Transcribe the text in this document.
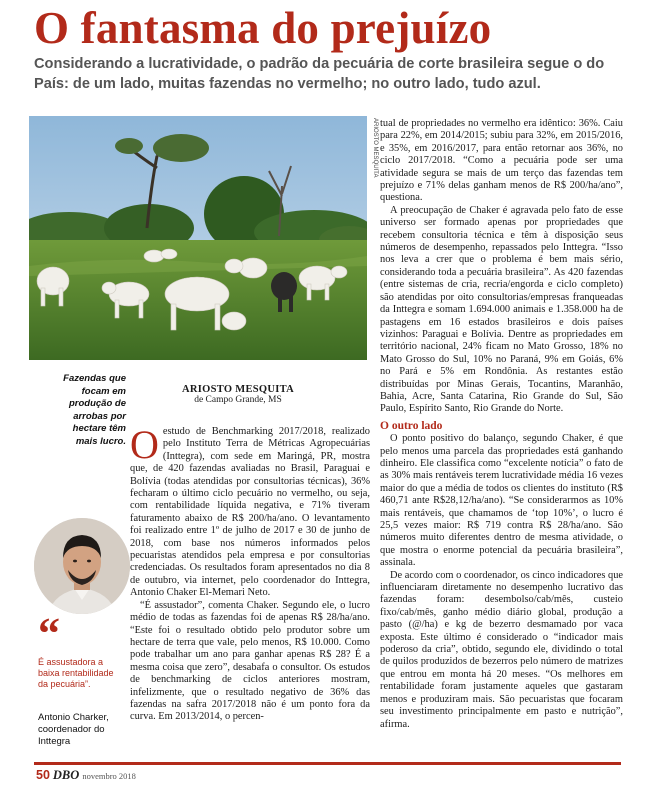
O fantasma do prejuízo
Considerando a lucratividade, o padrão da pecuária de corte brasileira segue o do País: de um lado, muitas fazendas no vermelho; no outro lado, tudo azul.
ARIOSTO MESQUITA
Fazendas que focam em produção de arrobas por hectare têm mais lucro.
ARIOSTO MESQUITA
de Campo Grande, MS
“
É assustadora a baixa rentabilidade da pecuária”.
Antonio Charker, coordenador do Inttegra

Oestudo de Benchmarking 2017/2018, realizado pelo Instituto Terra de Métricas Agropecuárias (Inttegra), com sede em Maringá, PR, mostra que, de 420 fazendas avaliadas no Brasil, Paraguai e Bolívia (todas atendidas por consultorias técnicas), 36% fecharam o último ciclo pecuário no vermelho, ou seja, com rentabilidade líquida negativa, e 71% tiveram faturamento abaixo de R$ 200/ha/ano. O levantamento foi realizado entre 1º de julho de 2017 e 30 de junho de 2018, com base nos números informados pelos pecuaristas atendidos pela empresa e por consultorias credenciadas. Os resultados foram apresentados no dia 8 de outubro, via internet, pelo coordenador do Inttegra, Antonio Chaker El-Memari Neto.

“É assustador”, comenta Chaker. Segundo ele, o lucro médio de todas as fazendas foi de apenas R$ 28/ha/ano. “Este foi o resultado obtido pelo produtor sobre um hectare de terra que vale, pelo menos, R$ 10.000. Como pode trabalhar um ano para ganhar apenas R$ 28? É a mesma coisa que zero”, desabafa o consultor. Os estudos de benchmarking de ciclos anteriores mostram, infelizmente, que o resultado negativo de 36% das fazendas na safra 2017/2018 não é um ponto fora da curva. Em 2013/2014, o percen-

tual de propriedades no vermelho era idêntico: 36%. Caiu para 22%, em 2014/2015; subiu para 32%, em 2015/2016, e 35%, em 2016/2017, para então retornar aos 36%, no ciclo 2017/2018. “Como a pecuária pode ser uma atividade segura se mais de um terço das fazendas tem prejuízo e 71% delas ganham menos de R$ 200/ha/ano”, questiona.

A preocupação de Chaker é agravada pelo fato de esse universo ser formado apenas por propriedades que recebem consultoria técnica e têm à disposição seus números de desempenho, repassados pelo Inttegra. “Isso nos leva a crer que o problema é bem mais sério, considerando toda a pecuária brasileira”. As 420 fazendas (entre sistemas de cria, recria/engorda e ciclo completo) são atendidas por oito consultorias/empresas franqueadas da Inttegra e somam 1.694.000 animais e 1.358.000 ha de pastagens em 16 estados brasileiros e dois países vizinhos: Paraguai e Bolívia. Dentre as propriedades em território nacional, 24% ficam no Mato Grosso, 18% no Mato Grosso do Sul, 10% no Paraná, 9% em Goiás, 6% no Pará e 5% em Rondônia. As restantes estão distribuídas por Minas Gerais, Tocantins, Maranhão, Bahia, Acre, Santa Catarina, Rio Grande do Sul, São Paulo, Espírito Santo, Rio Grande do Norte.

O outro lado

O ponto positivo do balanço, segundo Chaker, é que pelo menos uma parcela das propriedades está ganhando dinheiro. Ele classifica como “excelente notícia” o fato de as 30% mais rentáveis terem lucratividade média 16 vezes maior do que a média de todos os clientes do instituto (R$ 460,71 ante R$28,12/ha/ano). “Se considerarmos as 10% mais rentáveis, que chamamos de ‘top 10%’, o lucro é 25,5 vezes maior: R$ 719 contra R$ 28/ha/ano. São números muito diferentes dentro de mesma atividade, o que mostra o enorme potencial da pecuária brasileira”, assinala.

De acordo com o coordenador, os cinco indicadores que influenciaram diretamente no desempenho lucrativo das fazendas foram: desembolso/cab/mês, custeio fixo/cab/mês, ganho médio diário global, produção a pasto (@/ha) e kg de bezerro desmamado por vaca exposta. Este último é considerado o “indicador mais poderoso da cria”, obtido, segundo ele, dividindo o total de quilos produzidos de bezerros pelo número de matrizes que entrou em monta há 20 meses. “Os melhores em rentabilidade foram justamente aqueles que gastaram menos e produziram mais. São pecuaristas que focaram seu investimento principalmente em pasto e nutrição”, afirma.

50 DBO novembro 2018
